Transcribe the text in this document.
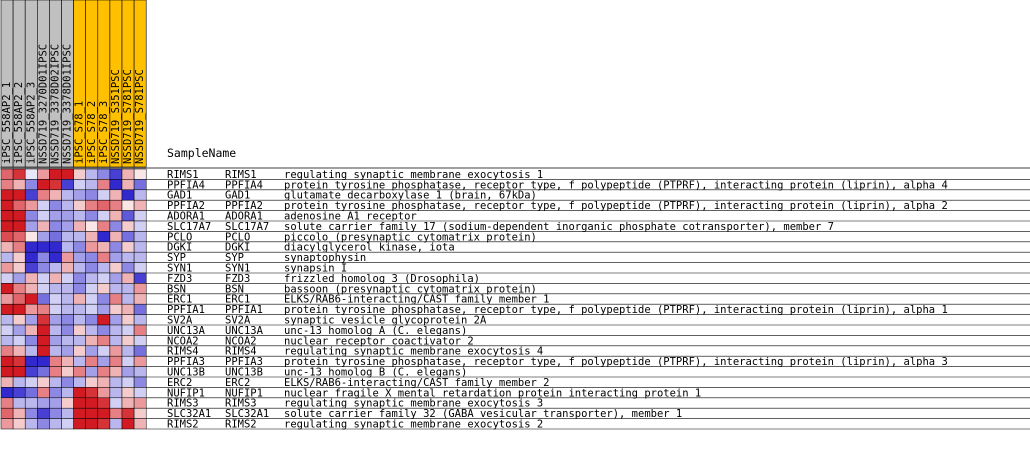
iPSC_558AP2_1 iPSC_558AP2_2 iPSC_558AP2_3 NSSD719_3270D01IPSC NSSD719_3378D02IPSC NSSD719_3378D01IPSC iPSC_S78_1 iPSC_S78_2 iPSC_S78_3 NSSD719_S351PSC NSSD719_S781PSC NSSD719_S781PSC SampleName
RIMS1	RIMS1	regulating synaptic membrane exocytosis 1
PPFIA4 PPFIA4 protein tyrosine phosphatase, receptor type, f polypeptide (PTPRF), interacting protein (liprin), alpha 4
GAD1	GAD1	glutamate decarboxylase 1 (brain, 67kDa)
PPFIA2 PPFIA2 protein tyrosine phosphatase, receptor type, f polypeptide (PTPRF), interacting protein (liprin), alpha 2
ADORA1 ADORA1 adenosine A1 receptor
SLC17A7 SLC17A7 solute carrier family 17 (sodium-dependent inorganic phosphate cotransporter), member 7
PCLO	PCLO	piccolo (presynaptic cytomatrix protein)
DGKI	DGKI	diacylglycerol kinase, iota
SYP	SYP	synaptophysin
SYN1	SYN1	synapsin I
FZD3	FZD3	frizzled homolog 3 (Drosophila)
BSN	BSN	bassoon (presynaptic cytomatrix protein)
ERC1	ERC1	ELKS/RAB6-interacting/CAST family member 1
PPFIA1 PPFIA1 protein tyrosine phosphatase, receptor type, f polypeptide (PTPRF), interacting protein (liprin), alpha 1
SV2A	SV2A	synaptic vesicle glycoprotein 2A
UNC13A UNC13A unc-13 homolog A (C. elegans)
NCOA2	NCOA2	nuclear receptor coactivator 2
RIMS4	RIMS4	regulating synaptic membrane exocytosis 4
PPFIA3 PPFIA3 protein tyrosine phosphatase, receptor type, f polypeptide (PTPRF), interacting protein (liprin), alpha 3
UNC13B UNC13B unc-13 homolog B (C. elegans)
ERC2	ERC2	ELKS/RAB6-interacting/CAST family member 2
NUFIP1 NUFIP1 nuclear fragile X mental retardation protein interacting protein 1
RIMS3	RIMS3	regulating synaptic membrane exocytosis 3
SLC32A1 SLC32A1 solute carrier family 32 (GABA vesicular transporter), member 1
RIMS2	RIMS2	regulating synaptic membrane exocytosis 2
